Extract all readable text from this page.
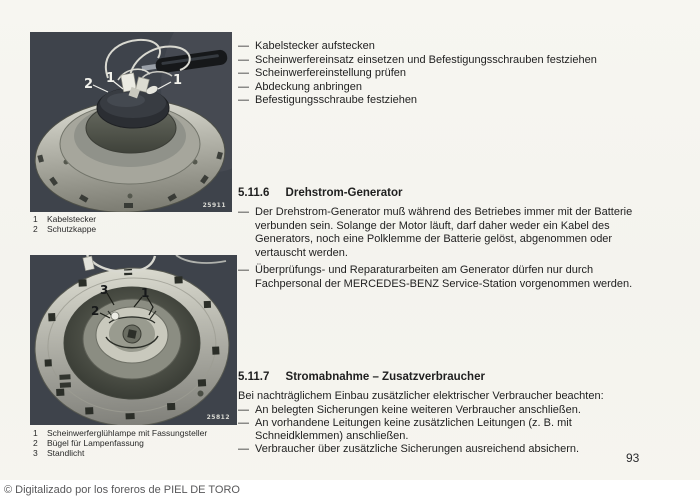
2 1	1
25911
1	Kabelstecker
2	Schutzkappe
3	1
2
25812
1	Scheinwerferglühlampe mit Fassungsteller
2	Bügel für Lampenfassung
3	Standlicht
— Kabelstecker aufstecken
— Scheinwerfereinsatz einsetzen und Befestigungsschrauben festziehen
— Scheinwerfereinstellung prüfen
— Abdeckung anbringen
— Befestigungsschraube festziehen
5.11.6 Drehstrom-Generator
— Der Drehstrom-Generator muß während des Betriebes immer mit der Batterie verbunden sein. Solange der Motor läuft, darf daher weder ein Kabel des Generators, noch eine Polklemme der Batterie gelöst, abgenommen oder vertauscht werden.
— Überprüfungs- und Reparaturarbeiten am Generator dürfen nur durch Fachpersonal der MERCEDES-BENZ Service-Station vorgenommen werden.
5.11.7 Stromabnahme – Zusatzverbraucher

Bei nachträglichem Einbau zusätzlicher elektrischer Verbraucher beachten:

— An belegten Sicherungen keine weiteren Verbraucher anschließen.
— An vorhandene Leitungen keine zusätzlichen Leitungen (z. B. mit Schneidklemmen) anschließen.
— Verbraucher über zusätzliche Sicherungen ausreichend absichern.
93
© Digitalizado por los foreros de PIEL DE TORO
